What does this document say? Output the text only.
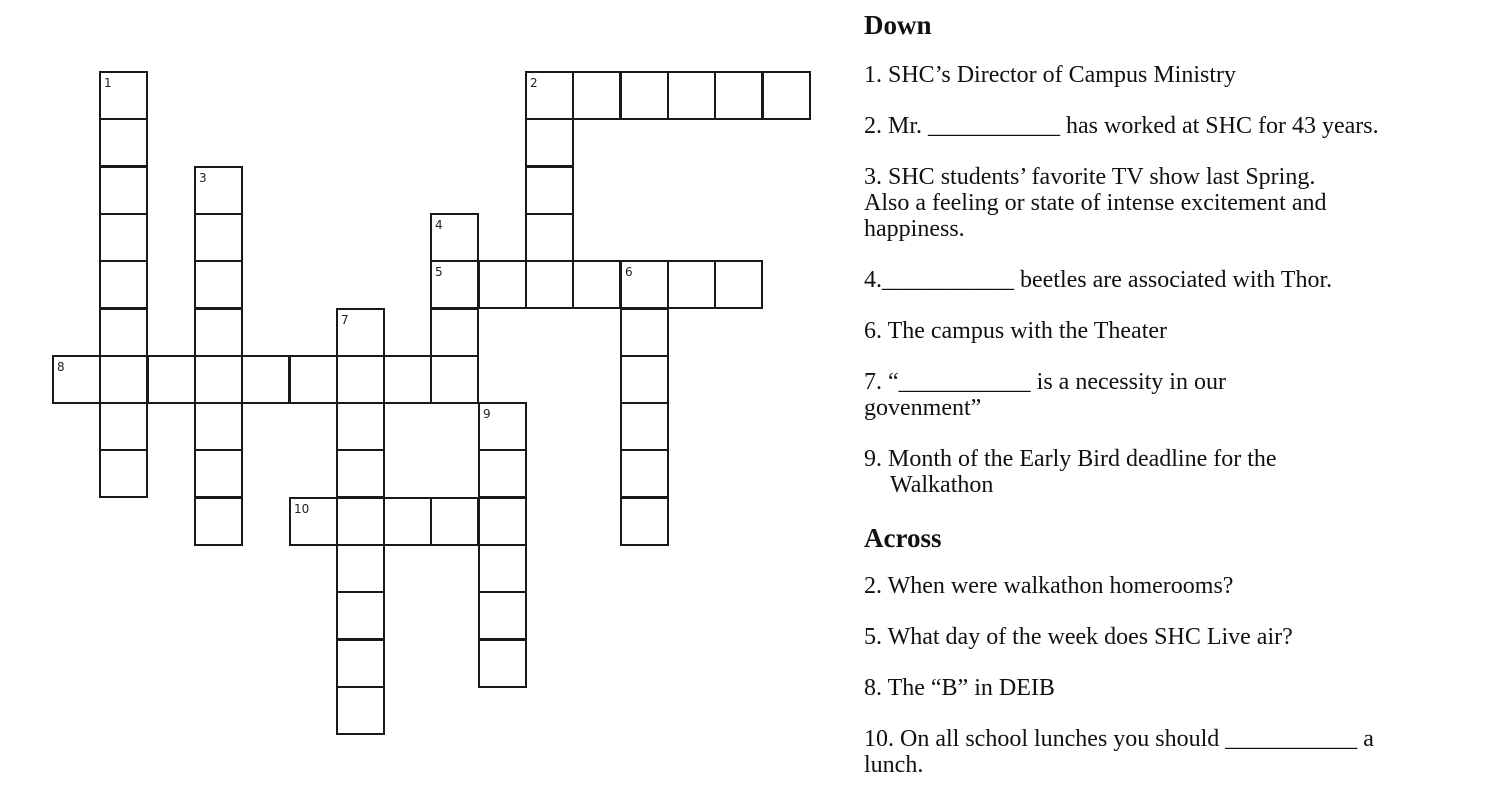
1
3
2
4
5	6
7
8
9
10
Down
1. SHC’s Director of Campus Ministry
2. Mr. ___________ has worked at SHC for 43 years.
3. SHC students’ favorite TV show last Spring.
Also a feeling or state of intense excitement and
happiness.
4.___________ beetles are associated with Thor.
6. The campus with the Theater
7. “___________ is a necessity in our
govenment”
9. Month of the Early Bird deadline for the
Walkathon
Across
2. When were walkathon homerooms?
5. What day of the week does SHC Live air?
8. The “B” in DEIB
10. On all school lunches you should ___________ a
lunch.
